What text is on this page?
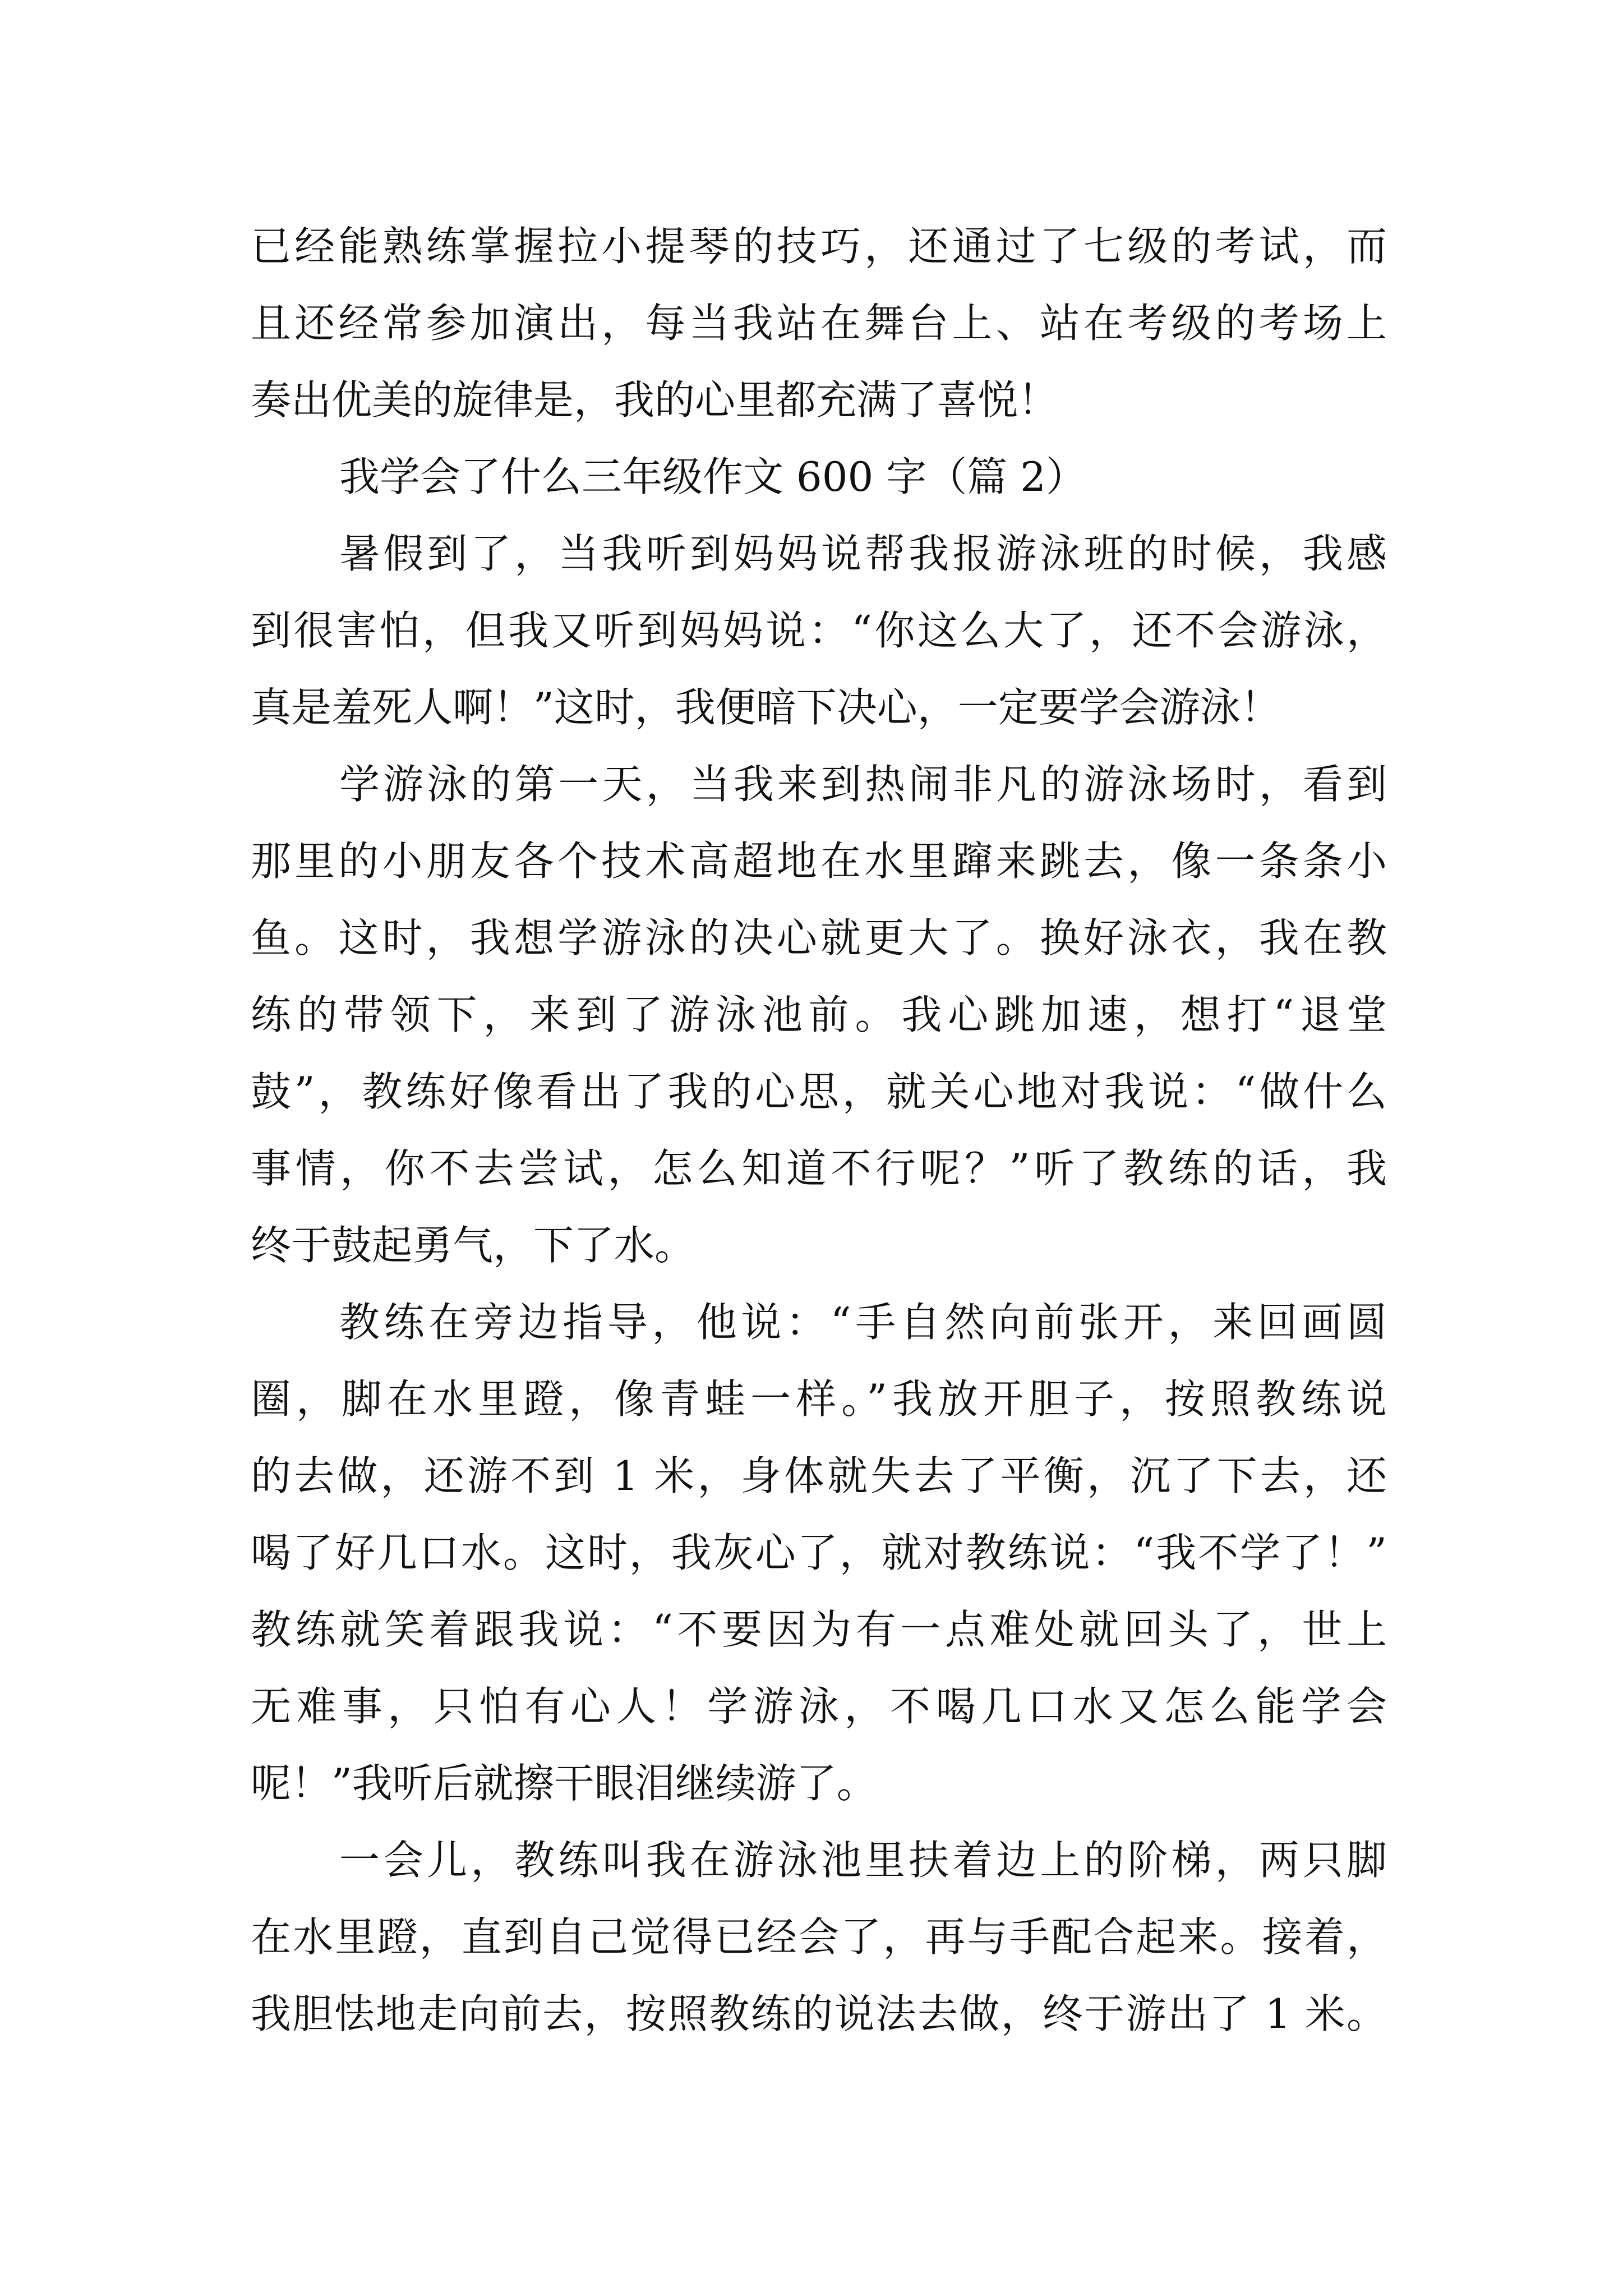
已经能熟练掌握拉小提琴的技巧，还通过了七级的考试，而
且还经常参加演出，每当我站在舞台上、站在考级的考场上
奏出优美的旋律是，我的心里都充满了喜悦！

我学会了什么三年级作文 600 字（篇 2）

暑假到了，当我听到妈妈说帮我报游泳班的时候，我感
到很害怕，但我又听到妈妈说：“你这么大了，还不会游泳，
真是羞死人啊！”这时，我便暗下决心，一定要学会游泳！

学游泳的第一天，当我来到热闹非凡的游泳场时，看到
那里的小朋友各个技术高超地在水里蹿来跳去，像一条条小
鱼。这时，我想学游泳的决心就更大了。换好泳衣，我在教
练的带领下，来到了游泳池前。我心跳加速，想打“退堂
鼓”，教练好像看出了我的心思，就关心地对我说：“做什么
事情，你不去尝试，怎么知道不行呢？”听了教练的话，我
终于鼓起勇气，下了水。

教练在旁边指导，他说：“手自然向前张开，来回画圆
圈，脚在水里蹬，像青蛙一样。”我放开胆子，按照教练说
的去做，还游不到 1 米，身体就失去了平衡，沉了下去，还
喝了好几口水。这时，我灰心了，就对教练说：“我不学了！”
教练就笑着跟我说：“不要因为有一点难处就回头了，世上
无难事，只怕有心人！学游泳，不喝几口水又怎么能学会
呢！”我听后就擦干眼泪继续游了。

一会儿，教练叫我在游泳池里扶着边上的阶梯，两只脚
在水里蹬，直到自己觉得已经会了，再与手配合起来。接着，
我胆怯地走向前去，按照教练的说法去做，终于游出了 1 米。
